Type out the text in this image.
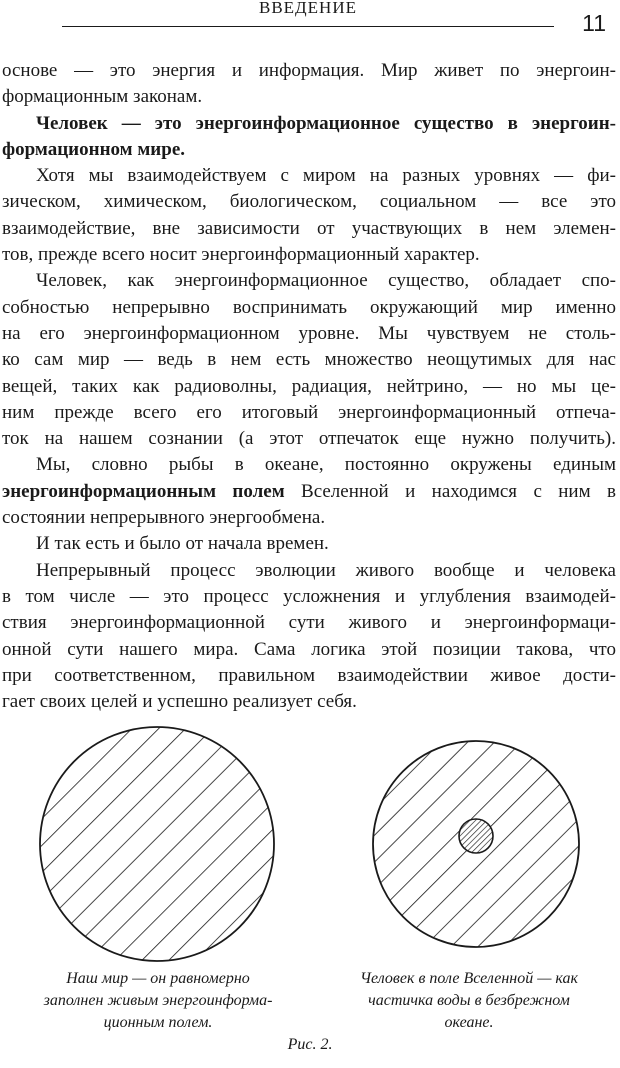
ВВЕДЕНИЕ
11
основе — это энергия и информация. Мир живет по энергоин-
формационным законам.
Человек — это энергоинформационное существо в энергоин-
формационном мире.
Хотя мы взаимодействуем с миром на разных уровнях — фи-
зическом, химическом, биологическом, социальном — все это
взаимодействие, вне зависимости от участвующих в нем элемен-
тов, прежде всего носит энергоинформационный характер.
Человек, как энергоинформационное существо, обладает спо-
собностью непрерывно воспринимать окружающий мир именно
на его энергоинформационном уровне. Мы чувствуем не столь-
ко сам мир — ведь в нем есть множество неощутимых для нас
вещей, таких как радиоволны, радиация, нейтрино, — но мы це-
ним прежде всего его итоговый энергоинформационный отпеча-
ток на нашем сознании (а этот отпечаток еще нужно получить).
Мы, словно рыбы в океане, постоянно окружены единым
энергоинформационным полем Вселенной и находимся с ним в
состоянии непрерывного энергообмена.
И так есть и было от начала времен.
Непрерывный процесс эволюции живого вообще и человека
в том числе — это процесс усложнения и углубления взаимодей-
ствия энергоинформационной сути живого и энергоинформаци-
онной сути нашего мира. Сама логика этой позиции такова, что
при соответственном, правильном взаимодействии живое дости-
гает своих целей и успешно реализует себя.
Наш мир — он равномерно
заполнен живым энергоинформа-
ционным полем.
Человек в поле Вселенной — как
частичка воды в безбрежном
океане.
Рис. 2.
